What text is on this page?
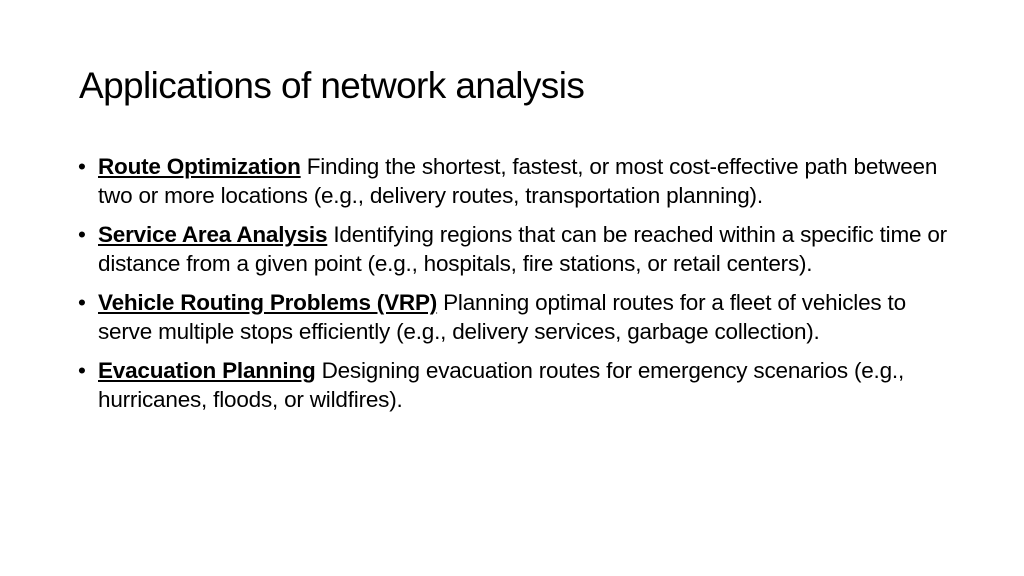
Applications of network analysis
• Route Optimization Finding the shortest, fastest, or most cost-effective path between two or more locations (e.g., delivery routes, transportation planning).
• Service Area Analysis Identifying regions that can be reached within a specific time or distance from a given point (e.g., hospitals, fire stations, or retail centers).
• Vehicle Routing Problems (VRP) Planning optimal routes for a fleet of vehicles to serve multiple stops efficiently (e.g., delivery services, garbage collection).
• Evacuation Planning Designing evacuation routes for emergency scenarios (e.g., hurricanes, floods, or wildfires).
